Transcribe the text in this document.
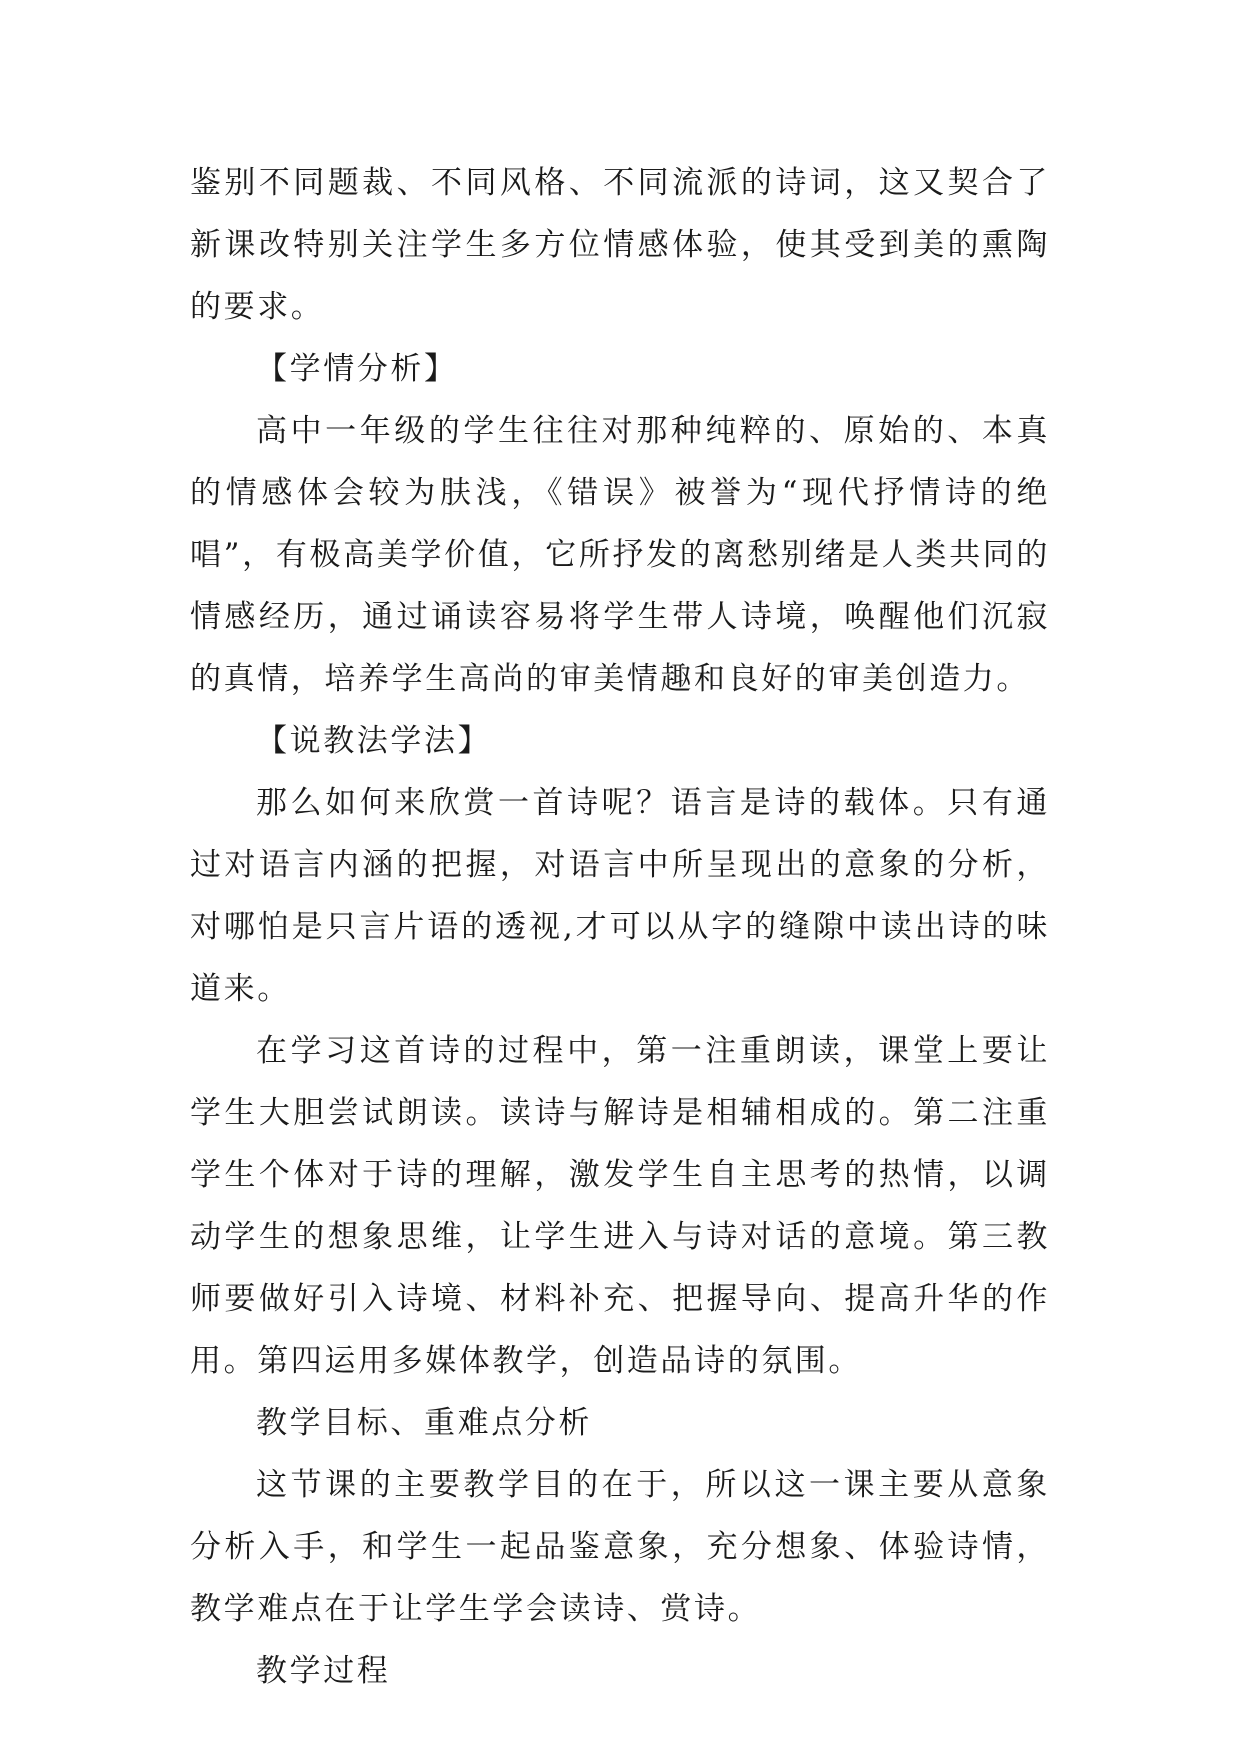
鉴别不同题裁、不同风格、不同流派的诗词，这又契合了新课改特别关注学生多方位情感体验，使其受到美的熏陶的要求。

【学情分析】

高中一年级的学生往往对那种纯粹的、原始的、本真的情感体会较为肤浅，《错误》被誉为“现代抒情诗的绝唱”，有极高美学价值，它所抒发的离愁别绪是人类共同的情感经历，通过诵读容易将学生带人诗境，唤醒他们沉寂的真情，培养学生高尚的审美情趣和良好的审美创造力。

【说教法学法】

那么如何来欣赏一首诗呢？语言是诗的载体。只有通过对语言内涵的把握，对语言中所呈现出的意象的分析，对哪怕是只言片语的透视,才可以从字的缝隙中读出诗的味道来。

在学习这首诗的过程中，第一注重朗读，课堂上要让学生大胆尝试朗读。读诗与解诗是相辅相成的。第二注重学生个体对于诗的理解，激发学生自主思考的热情，以调动学生的想象思维，让学生进入与诗对话的意境。第三教师要做好引入诗境、材料补充、把握导向、提高升华的作用。第四运用多媒体教学，创造品诗的氛围。

教学目标、重难点分析

这节课的主要教学目的在于，所以这一课主要从意象分析入手，和学生一起品鉴意象，充分想象、体验诗情，教学难点在于让学生学会读诗、赏诗。

教学过程
